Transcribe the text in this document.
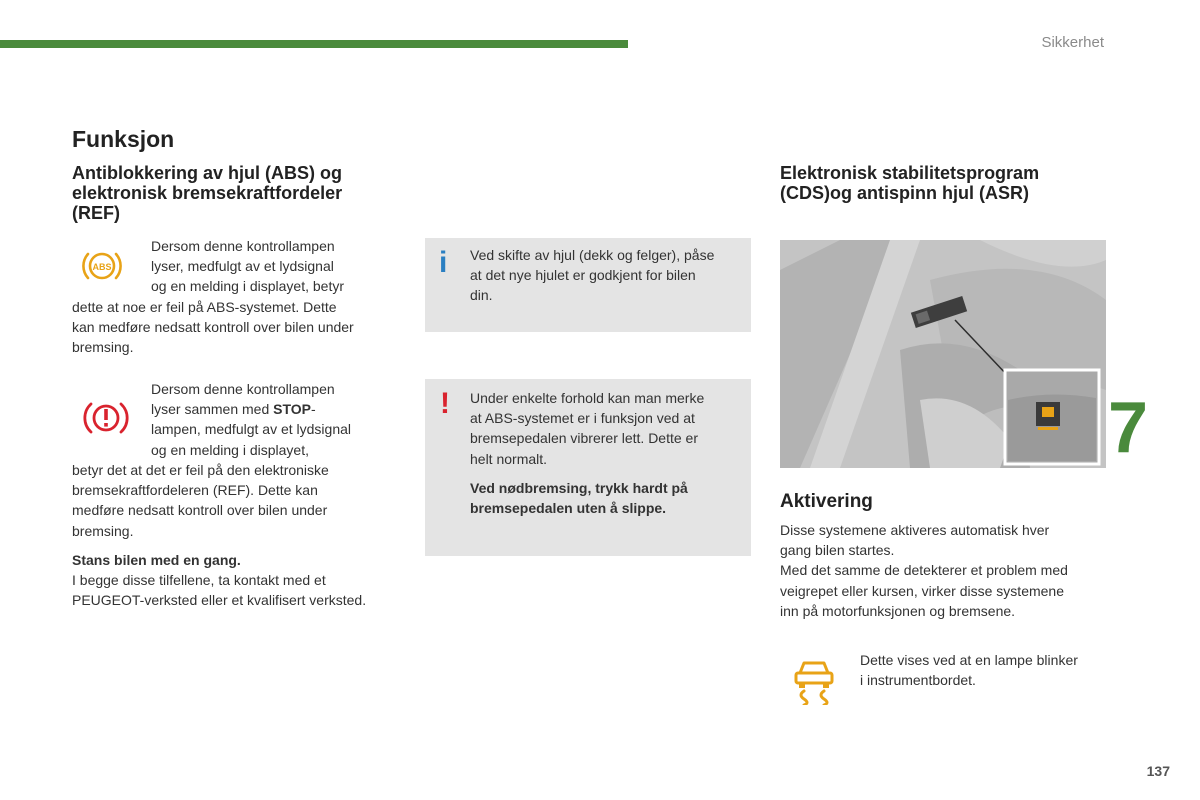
Sikkerhet
Funksjon
Antiblokkering av hjul (ABS) og
elektronisk bremsekraftfordeler
(REF)
ABS
Dersom denne kontrollampen
lyser, medfulgt av et lydsignal
og en melding i displayet, betyr
dette at noe er feil på ABS-systemet. Dette
kan medføre nedsatt kontroll over bilen under
bremsing.
Dersom denne kontrollampen
lyser sammen med STOP-
lampen, medfulgt av et lydsignal
og en melding i displayet,
betyr det at det er feil på den elektroniske
bremsekraftfordeleren (REF). Dette kan
medføre nedsatt kontroll over bilen under
bremsing.
Stans bilen med en gang.
I begge disse tilfellene, ta kontakt med et
PEUGEOT-verksted eller et kvalifisert verksted.
i Ved skifte av hjul (dekk og felger), påse
at det nye hjulet er godkjent for bilen
din.
! Under enkelte forhold kan man merke
at ABS-systemet er i funksjon ved at
bremsepedalen vibrerer lett. Dette er
helt normalt.
Ved nødbremsing, trykk hardt på
bremsepedalen uten å slippe.
Elektronisk stabilitetsprogram
(CDS)og antispinn hjul (ASR)
7
Aktivering
Disse systemene aktiveres automatisk hver
gang bilen startes.
Med det samme de detekterer et problem med
veigrepet eller kursen, virker disse systemene
inn på motorfunksjonen og bremsene.
Dette vises ved at en lampe blinker
i instrumentbordet.
137
